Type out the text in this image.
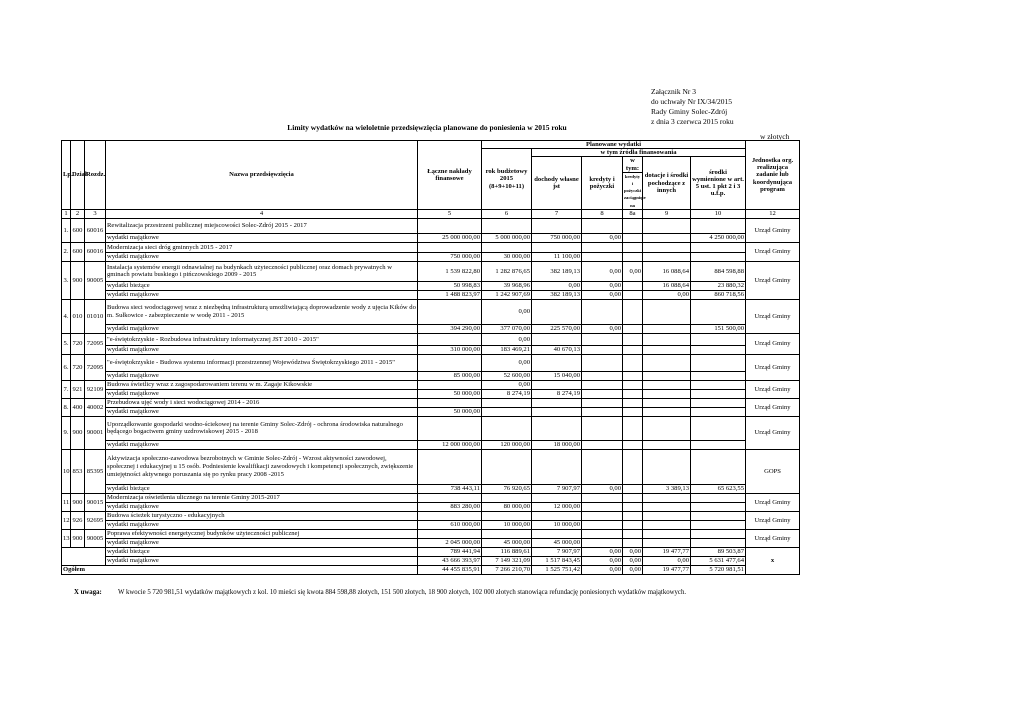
Załącznik Nr 3
do uchwały Nr IX/34/2015
Rady Gminy Solec-Zdrój
z dnia 3 czerwca 2015 roku
Limity wydatków na wieloletnie przedsięwzięcia planowane do poniesienia w 2015 roku
w złotych
Lp.	Dział	Rozdz.	Nazwa przedsięwzięcia	Łączne nakłady finansowe	Planowane wydatki						Jednostka org. realizująca zadanie lub koordynująca program	
					rok budżetowy 2015 (8+9+10+11)	w tym źródła finansowania						
						dochody własne jst	kredyty i pożyczki	w tym:	dotacje i środki pochodzące z innych	środki wymienione w art. 5 ust. 1 pkt 2 i 3 u.f.p.		
								kredyty i pożyczki zaciągnięte na				
1	2	3	4	5	6	7	8	8a	9	10	12	
1.	600	60016	Rewitalizacja przestrzeni publicznej miejscowości Solec-Zdrój 2015 - 2017								Urząd Gminy	
			wydatki majątkowe	25 000 000,00	5 000 000,00	750 000,00	0,00			4 250 000,00		
2.	600	60016	Modernizacja sieci dróg gminnych 2015 - 2017								Urząd Gminy	
			wydatki majątkowe	750 000,00	30 000,00	11 100,00					
3.	900	90005	Instalacja systemów energii odnawialnej na budynkach użyteczności publicznej oraz domach prywatnych w gminach powiatu buskiego i pińczowskiego 2009 - 2015	1 539 822,80	1 282 876,65	382 189,13	0,00	0,00	16 088,64	884 598,88	Urząd Gminy	
			wydatki bieżące	50 998,83	39 968,96	0,00	0,00		16 088,64	23 880,32		
			wydatki majątkowe	1 488 823,97	1 242 907,69	382 189,13	0,00		0,00	860 718,56		
4.	010	01010	Budowa sieci wodociągowej wraz z niezbędną infrastrukturą umożliwiającą doprowadzenie wody z ujęcia Kików do m. Sułkowice - zabezpieczenie w wodę 2011 - 2015		0,00						Urząd Gminy	
			wydatki majątkowe	394 290,00	377 070,00	225 570,00	0,00			151 500,00		
5.	720	72095	"e-świętokrzyskie - Rozbudowa infrastruktury informatycznej JST 2010 - 2015"		0,00						Urząd Gminy	
			wydatki majątkowe	310 000,00	183 469,21	40 670,13					
6.	720	72095	"e-świętokrzyskie - Budowa systemu informacji przestrzennej Województwa Świętokrzyskiego 2011 - 2015"		0,00						Urząd Gminy	
			wydatki majątkowe	85 000,00	52 600,00	15 040,00					
7.	921	92109	Budowa świetlicy wraz z zagospodarowaniem terenu w m. Zagaje Kikowskie		0,00						Urząd Gminy	
			wydatki majątkowe	50 000,00	8 274,19	8 274,19					
8.	400	40002	Przebudowa ujęć wody i sieci wodociągowej 2014 - 2016								Urząd Gminy	
			wydatki majątkowe	50 000,00								
9.	900	90001	Uporządkowanie gospodarki wodno-ściekowej na terenie Gminy Solec-Zdrój - ochrona środowiska naturalnego będącego bogactwem gminy uzdrowiskowej 2015 - 2018								Urząd Gminy	
			wydatki majątkowe	12 000 000,00	120 000,00	18 000,00					
10.	853	85395	Aktywizacja społeczno-zawodowa bezrobotnych w Gminie Solec-Zdrój - Wzrost aktywności zawodowej, społecznej i edukacyjnej u 15 osób. Podniesienie kwalifikacji zawodowych i kompetencji społecznych, zwiększenie umiejętności aktywnego poruszania się po rynku pracy 2008 -2015								GOPS	
			wydatki bieżące	738 443,11	76 920,65	7 907,97	0,00		3 389,13	65 623,55		
11.	900	90015	Modernizacja oświetlenia ulicznego na terenie Gminy 2015-2017								Urząd Gminy	
			wydatki majątkowe	883 280,00	80 000,00	12 000,00					
12.	926	92695	Budowa ścieżek turystyczno - edukacyjnych								Urząd Gminy	
			wydatki majątkowe	610 000,00	10 000,00	10 000,00						
13.	900	90005	Poprawa efektywności energetycznej budynków użyteczności publicznej								Urząd Gminy	
			wydatki majątkowe	2 045 000,00	45 000,00	45 000,00						
			wydatki bieżące	789 441,94	116 889,61	7 907,97	0,00	0,00	19 477,77	89 503,87	x	
			wydatki majątkowe	43 666 393,97	7 149 321,09	1 517 843,45	0,00	0,00	0,00	5 631 477,64		
Ogółem				44 455 835,91	7 266 210,70	1 525 751,42	0,00	0,00	19 477,77	5 720 981,51		
X uwaga: W kwocie 5 720 981,51 wydatków majątkowych z kol. 10 mieści się kwota 884 598,88 złotych, 151 500 złotych, 18 900 złotych, 102 000 złotych stanowiąca refundację poniesionych wydatków majątkowych.
